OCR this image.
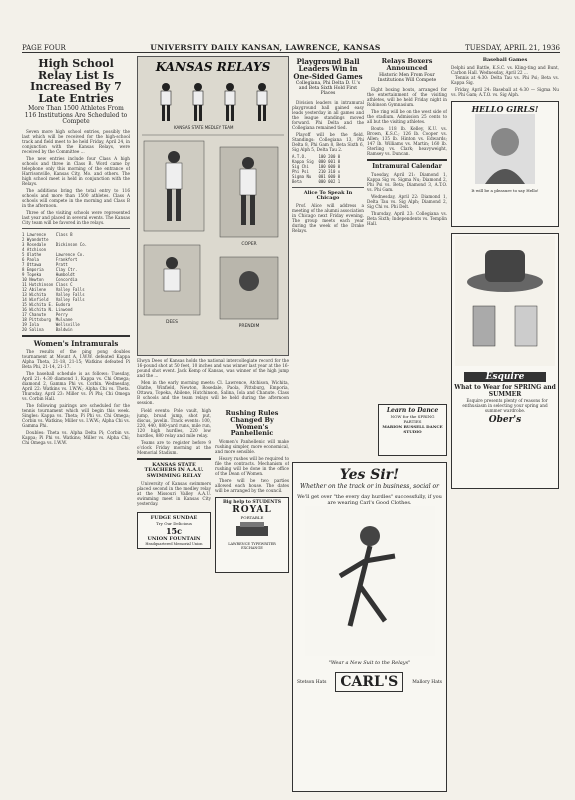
PAGE FOUR	UNIVERSITY DAILY KANSAN, LAWRENCE, KANSAS	TUESDAY, APRIL 21, 1936
High School Relay List Is Increased By 7 Late Entries
More Than 1500 Athletes From 116 Institutions Are Scheduled to Compete

Seven more high school entries, possibly the last which will be received for the high-school track and field meet to be held Friday, April 24, in conjunction with the Kansas Relays, were received by the Committee ...

The new entries include four Class A high schools and three in Class B. Word came by telephone only this morning of the entrance of Harrisonville, Kansas City, Mo. and others. The high school meet is held in conjunction with the Relays.

The additions bring the total entry to 116 schools and more than 1500 athletes. Class A schools will compete in the morning and Class B in the afternoon.

Three of the visiting schools were represented last year and placed in several events. The Kansas City team will be favored in the relays.

1 Lawrence    Class B
2 Wyandotte
3 Rosedale    Dickinson Co.
4 Atchison
5 Olathe      Lawrence Co.
6 Paola       Frankfort
7 Ottawa      Pratt
8 Emporia     Clay Ctr.
9 Topeka      Humboldt
10 Newton     Concordia
11 Hutchinson Class C
12 Abilene    Valley Falls
13 Wichita    Valley Falls
14 Winfield   Valley Falls
15 Wichita E. Eudora
16 Wichita N. Linwood
17 Chanute    Perry
18 Pittsburg  Mulvane
19 Iola       Wellsville
20 Salina     Baldwin
Women's Intramurals

The results of the ping pong doubles tournament at Mount A, I.W.W. defeated Kappa Alpha Theta, 21-18, 21-15; Watkins defeated Pi Beta Phi, 21-14, 21-17.

The baseball schedule is as follows: Tuesday, April 21: 4:30 diamond 1, Kappa vs. Chi Omega; diamond 2, Gamma Phi vs. Corbin. Wednesday, April 22: Watkins vs. I.W.W.; Alpha Chi vs. Theta. Thursday, April 23: Miller vs. Pi Phi; Chi Omega vs. Corbin Hall.

The following pairings are scheduled for the tennis tournament which will begin this week. Singles: Kappa vs. Theta; Pi Phi vs. Chi Omega; Corbin vs. Watkins; Miller vs. I.W.W.; Alpha Chi vs. Gamma Phi.

Doubles: Theta vs. Alpha Delta Pi; Corbin vs. Kappa; Pi Phi vs. Watkins; Miller vs. Alpha Chi; Chi Omega vs. I.W.W.

KANSAS RELAYS
KANSAS STATE MEDLEY TEAM
COPER
DEES
PRENDIM
Elwyn Dees of Kansas holds the national intercollegiate record for the 16-pound shot at 50 feet, 10 inches and was winner last year at the 16-pound shot event. Jack Kemp of Kansas, was winner of the high jump and the ...

Men in the early morning meets: Cl. Lawrence, Atchison, Wichita, Olathe, Winfield, Newton, Rosedale, Paola, Pittsburg, Emporia, Ottawa, Topeka, Abilene, Hutchinson, Salina, Iola and Chanute. Class B schools and the team relays will be held during the afternoon session.

Field events: Pole vault, high jump, broad jump, shot put, discus, javelin. Track events: 100, 220, 440, 880-yard runs, mile run, 120 high hurdles, 220 low hurdles, 880 relay and mile relay.

Teams are to register before 9 o'clock Friday morning at the Memorial Stadium.

KANSAS STATE TEACHERS IN A.A.U. SWIMMING RELAY

University of Kansas swimmers placed second in the medley relay at the Missouri Valley A.A.U. swimming meet in Kansas City yesterday.

FUDGE SUNDAE
Try Our Delicious
15c
UNION FOUNTAIN
Headquartered Memorial Union
Rushing Rules Changed By Women's Panhellenic

Women's Panhellenic will make rushing simpler, more economical, and more sensible.

Heavy rushes will be required to file the contracts. Mechanism of rushing will be done in the office of the Dean of Women.

There will be two parties allowed each house. The dates will be arranged by the council.

Big help to STUDENTS
ROYAL
PORTABLE
LAWRENCE TYPEWRITER EXCHANGE
Playground Ball Leaders Win in One-Sided Games
Collegiana, Phi Delta D. U.'s and Beta Sixth Hold First Places

Division leaders in intramural playground ball gained easy leads yesterday in all games and the league standings moved forward. Phi Delta and the Collegiana remained tied.

Playoff will be the field. Standings: Collegiana 13, Phi Delta 8, Phi Gam 8, Beta Sixth 6, Sig Alph 5, Delta Tau 2.

A.T.O.     100 200 0
Kappa Sig  000 001 0
Sig Chi    100 000 0
Phi Psi    210 310 x
Sigma Nu   001 000 0
Beta       000 002 1
Alice To Speak In Chicago

Prof. Alice will address a meeting of the alumni association in Chicago next Friday evening. The group meets each year during the week of the Drake Relays.

Relays Boxers Announced
Historic Men From Four Institutions Will Compete

Eight boxing bouts, arranged for the entertainment of the visiting athletes, will be held Friday night in Robinson Gymnasium.

The ring will be on the west side of the stadium. Admission 25 cents to all but the visiting athletes.

Bouts: 118 lb. Kelley, K.U. vs. Brown, K.S.C.; 126 lb. Cooper vs. Allen; 135 lb. Hinton vs. Edwards; 147 lb. Williams vs. Martin; 160 lb. Sterling vs. Clark; heavyweight, Ramsey vs. Duncan.

Intramural Calendar

Tuesday, April 21: Diamond 1, Kappa Sig vs. Sigma Nu; Diamond 2, Phi Psi vs. Beta; Diamond 3, A.T.O. vs. Phi Gam.

Wednesday, April 22: Diamond 1, Delta Tau vs. Sig Alph; Diamond 2, Sig Chi vs. Phi Delt.

Thursday, April 23: Collegiana vs. Beta Sixth; Independents vs. Templin Hall.

Baseball Games
Delphi and Battle, K.S.C. vs. Kling-ting and Bunt, Carbon Hall. Wednesday, April 22 ...

Tennis at 4:30: Delta Tau vs. Phi Psi; Beta vs. Kappa Sig.

Friday, April 24: Baseball at 4:30 — Sigma Nu vs. Phi Gam; A.T.O. vs. Sig Alph.

HELLO GIRLS!
It will be a pleasure to say Hello!
Esquire
What to Wear for SPRING and SUMMER

Esquire presents plenty of reasons for enthusiasm in selecting your spring and summer wardrobe.

Ober's
Yes Sir!
Whether on the track or in business, social or
We'll get over "the every day hurdles" successfully, if you are wearing Carl's Good Clothes.
"Wear a New Suit to the Relays"
Stetson Hats CARL'S	Mallory Hats
Learn to Dance
NOW for the SPRING PARTIES
MARION RUSSELL DANCE STUDIO
